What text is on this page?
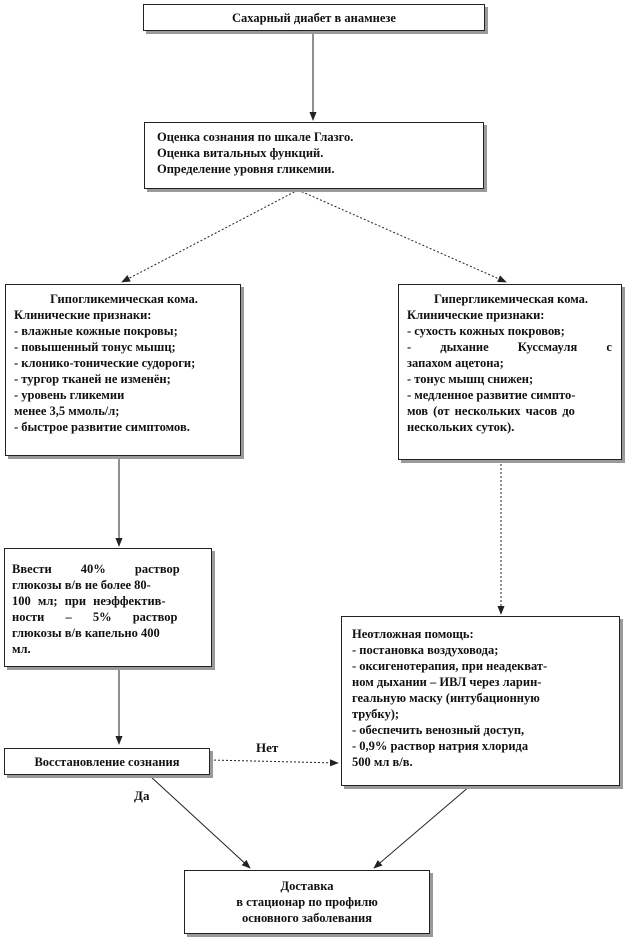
Сахарный диабет в анамнезе
Оценка сознания по шкале Глазго.
Оценка витальных функций.
Определение уровня гликемии.
Гипогликемическая кома.
Клинические признаки:
- влажные кожные покровы;
- повышенный тонус мышц;
- клонико-тонические судороги;
- тургор тканей не изменён;
- уровень гликемии
менее 3,5 ммоль/л;
- быстрое развитие симптомов.
Гипергликемическая кома.
Клинические признаки:
- сухость кожных покровов;
- дыхание Куссмауля с
запахом ацетона;
- тонус мышц снижен;
- медленное развитие симпто-
мов (от нескольких часов до
нескольких суток).
Ввести 40% раствор
глюкозы в/в не более 80-
100 мл; при неэффектив-
ности – 5% раствор
глюкозы в/в капельно 400
мл.
Неотложная помощь:
- постановка воздуховода;
- оксигенотерапия, при неадекват-
ном дыхании – ИВЛ через ларин-
геальную маску (интубационную
трубку);
- обеспечить венозный доступ,
- 0,9% раствор натрия хлорида
500 мл в/в.
Восстановление сознания
Доставка
в стационар по профилю
основного заболевания
Нет
Да
